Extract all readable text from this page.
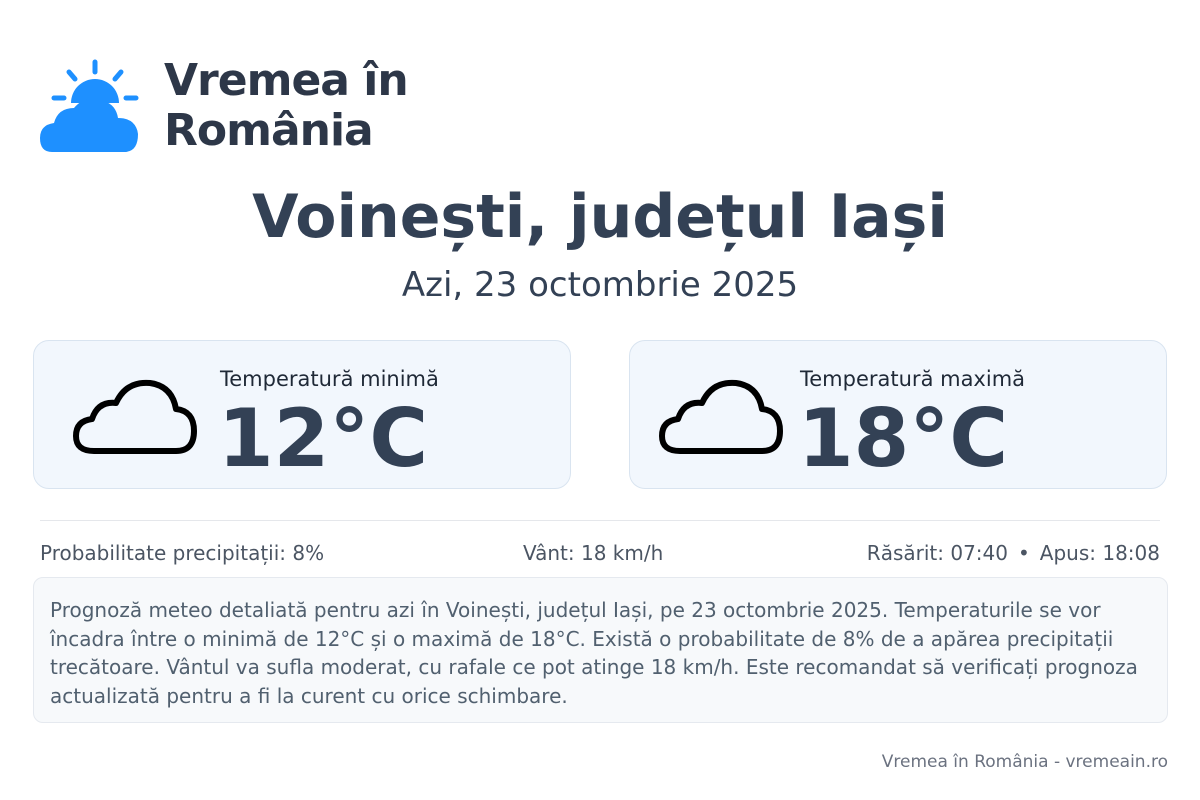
Vremea în
România
Voinești, județul Iași
Azi, 23 octombrie 2025
Temperatură minimă
12°C
Temperatură maximă
18°C
Probabilitate precipitații: 8%	Vânt: 18 km/h	Răsărit: 07:40 • Apus: 18:08
Prognoză meteo detaliată pentru azi în Voinești, județul Iași, pe 23 octombrie 2025. Temperaturile se vor încadra între o minimă de 12°C și o maximă de 18°C. Există o probabilitate de 8% de a apărea precipitații trecătoare. Vântul va sufla moderat, cu rafale ce pot atinge 18 km/h. Este recomandat să verificați prognoza actualizată pentru a fi la curent cu orice schimbare.
Vremea în România - vremeain.ro
